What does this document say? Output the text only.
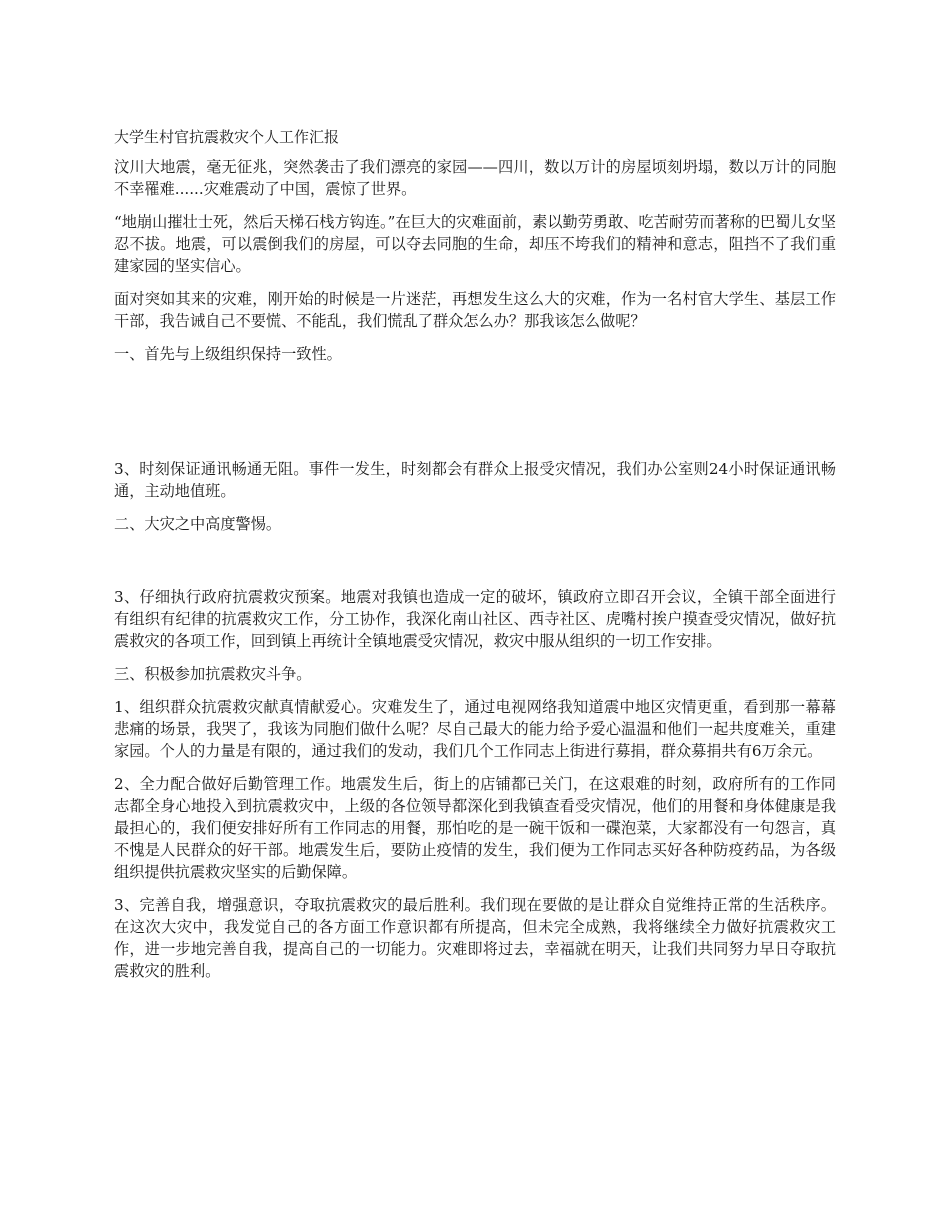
大学生村官抗震救灾个人工作汇报

汶川大地震，毫无征兆，突然袭击了我们漂亮的家园——四川，数以万计的房屋顷刻坍塌，数以万计的同胞不幸罹难......灾难震动了中国，震惊了世界。

“地崩山摧壮士死，然后天梯石栈方钩连。”在巨大的灾难面前，素以勤劳勇敢、吃苦耐劳而著称的巴蜀儿女坚忍不拔。地震，可以震倒我们的房屋，可以夺去同胞的生命，却压不垮我们的精神和意志，阻挡不了我们重建家园的坚实信心。

面对突如其来的灾难，刚开始的时候是一片迷茫，再想发生这么大的灾难，作为一名村官大学生、基层工作干部，我告诫自己不要慌、不能乱，我们慌乱了群众怎么办？那我该怎么做呢？

一、首先与上级组织保持一致性。

3、时刻保证通讯畅通无阻。事件一发生，时刻都会有群众上报受灾情况，我们办公室则24小时保证通讯畅通，主动地值班。

二、大灾之中高度警惕。

3、仔细执行政府抗震救灾预案。地震对我镇也造成一定的破坏，镇政府立即召开会议，全镇干部全面进行有组织有纪律的抗震救灾工作，分工协作，我深化南山社区、西寺社区、虎嘴村挨户摸查受灾情况，做好抗震救灾的各项工作，回到镇上再统计全镇地震受灾情况，救灾中服从组织的一切工作安排。

三、积极参加抗震救灾斗争。

1、组织群众抗震救灾献真情献爱心。灾难发生了，通过电视网络我知道震中地区灾情更重，看到那一幕幕悲痛的场景，我哭了，我该为同胞们做什么呢？尽自己最大的能力给予爱心温温和他们一起共度难关，重建家园。个人的力量是有限的，通过我们的发动，我们几个工作同志上街进行募捐，群众募捐共有6万余元。

2、全力配合做好后勤管理工作。地震发生后，街上的店铺都已关门，在这艰难的时刻，政府所有的工作同志都全身心地投入到抗震救灾中，上级的各位领导都深化到我镇查看受灾情况，他们的用餐和身体健康是我最担心的，我们便安排好所有工作同志的用餐，那怕吃的是一碗干饭和一碟泡菜，大家都没有一句怨言，真不愧是人民群众的好干部。地震发生后，要防止疫情的发生，我们便为工作同志买好各种防疫药品，为各级组织提供抗震救灾坚实的后勤保障。

3、完善自我，增强意识，夺取抗震救灾的最后胜利。我们现在要做的是让群众自觉维持正常的生活秩序。在这次大灾中，我发觉自己的各方面工作意识都有所提高，但未完全成熟，我将继续全力做好抗震救灾工作，进一步地完善自我，提高自己的一切能力。灾难即将过去，幸福就在明天，让我们共同努力早日夺取抗震救灾的胜利。
